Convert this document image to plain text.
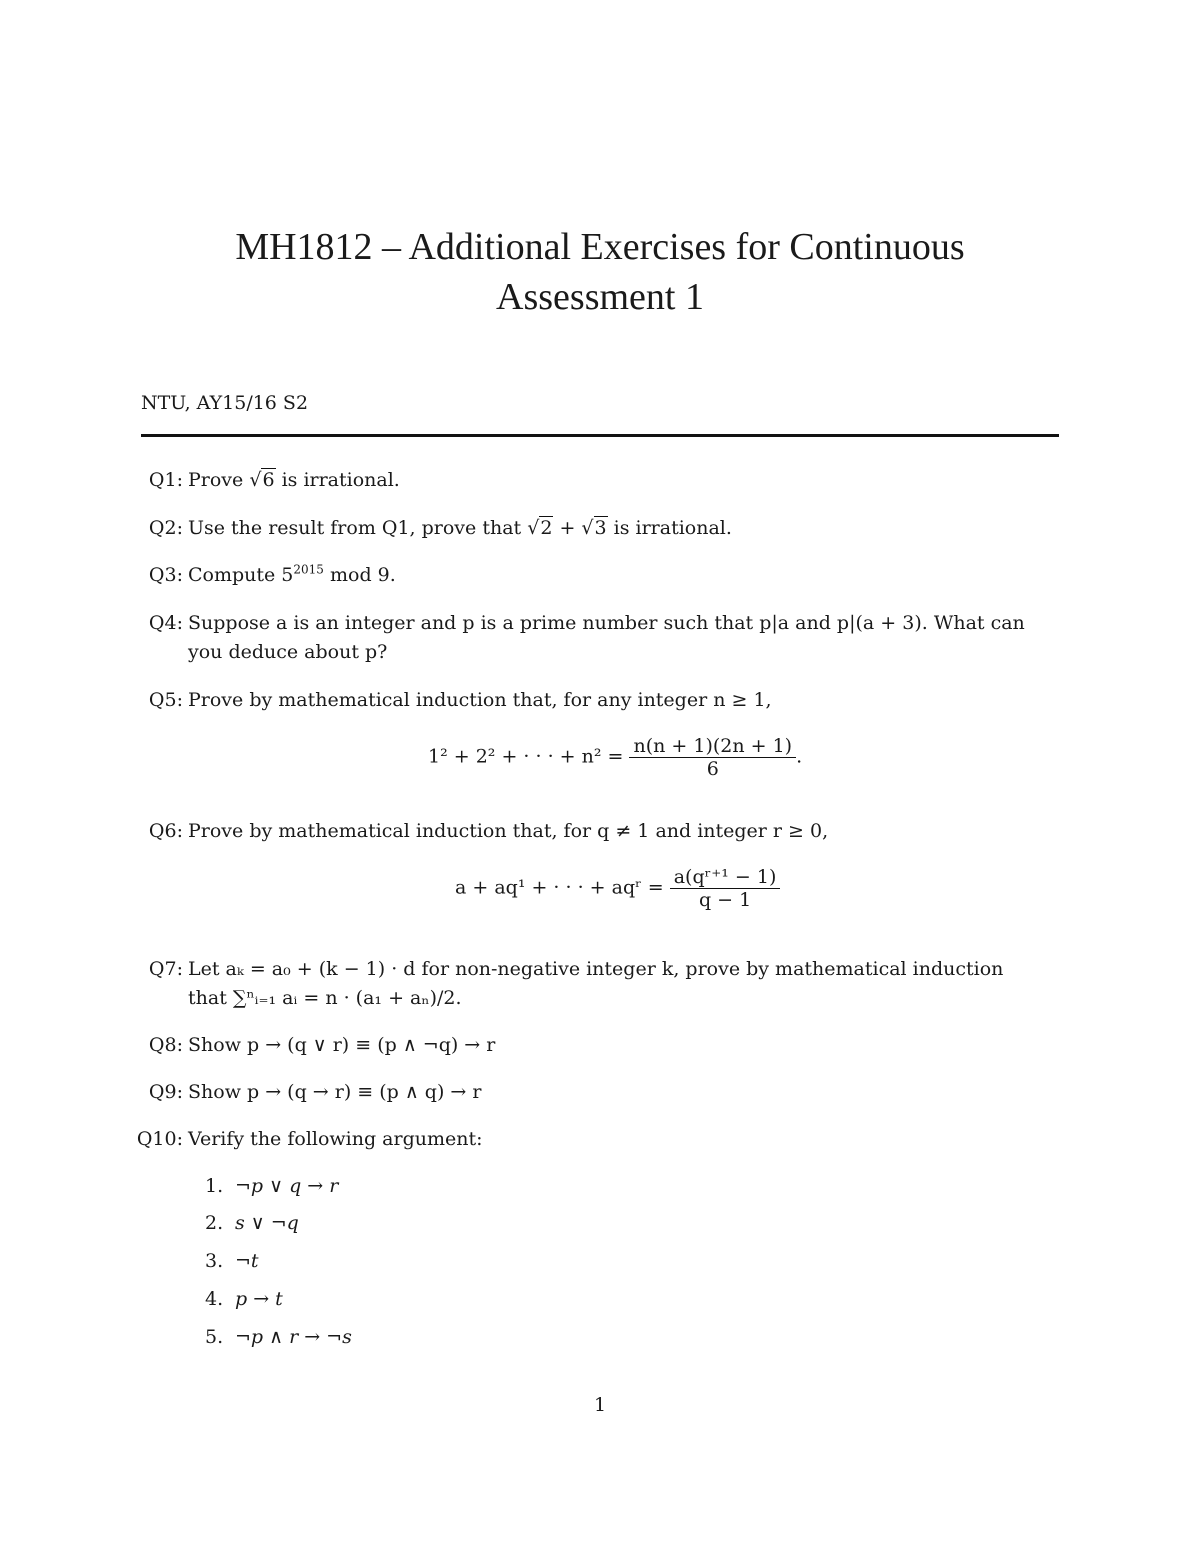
MH1812 – Additional Exercises for Continuous
Assessment 1
NTU, AY15/16 S2
Q1: Prove √6 is irrational.
Q2: Use the result from Q1, prove that √2 + √3 is irrational.
Q3: Compute $5^{2015}$ mod 9.
Q4: Suppose a is an integer and p is a prime number such that p|a and p|(a + 3). What can
you deduce about p?
Q5: Prove by mathematical induction that, for any integer n ≥ 1,
1² + 2² + · · · + $n^2 = \frac{n(n + 1)(2n + 1)}{6}$ .
Q6: Prove by mathematical induction that, for q ≠ 1 and integer r ≥ 0,
a + aq¹ + · · · + aqʳ = $\frac{\text{a(qʳ⁺¹ − 1)}}{q - 1}$
Q7: Let aₖ = a₀ + (k − 1) · d for non-negative integer k, prove by mathematical induction
that ∑ⁿᵢ₌₁ aᵢ = n · (a₁ + aₙ)/2.
Q8: Show p → (q ∨ r) ≡ (p ∧ ¬q) → r
Q9: Show p → (q → r) ≡ (p ∧ q) → r
Q10: Verify the following argument:
1. ¬p ∨ q → r
2. s ∨ ¬q
3. ¬t
4. p → t
5. ¬p ∧ r → ¬s
1
